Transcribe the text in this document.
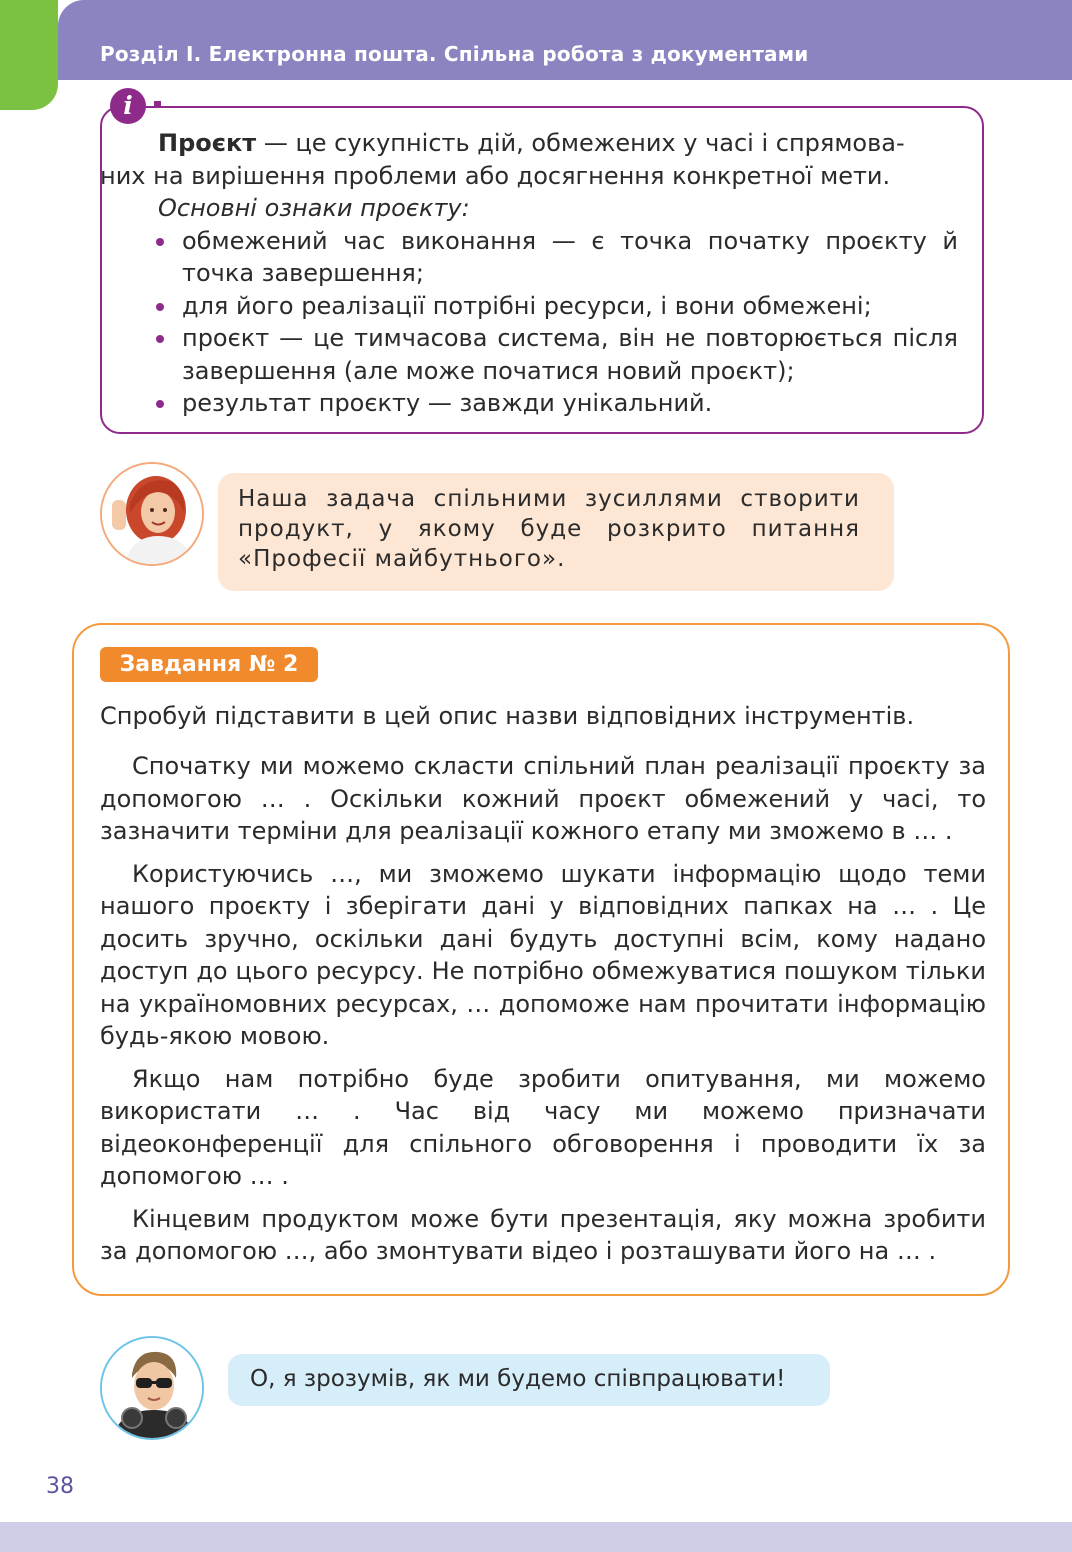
Розділ І. Електронна пошта. Спільна робота з документами
i

Проєкт — це сукупність дій, обмежених у часі і спрямова-

них на вирішення проблеми або досягнення конкретної мети.

Основні ознаки проєкту:

обмежений час виконання — є точка початку проєкту й точка завершення;
для його реалізації потрібні ресурси, і вони обмежені;
проєкт — це тимчасова система, він не повторюється після завершення (але може початися новий проєкт);
результат проєкту — завжди унікальний.
Наша задача спільними зусиллями створити продукт, у якому буде розкрито питання «Професії майбутнього».
Завдання № 2
Спробуй підставити в цей опис назви відповідних інструментів.

Спочатку ми можемо скласти спільний план реалізації проєкту за допомогою … . Оскільки кожний проєкт обмежений у часі, то зазначити терміни для реалізації кожного етапу ми зможемо в … .

Користуючись …, ми зможемо шукати інформацію щодо теми нашого проєкту і зберігати дані у відповідних папках на … . Це досить зручно, оскільки дані будуть доступні всім, кому надано доступ до цього ресурсу. Не потрібно обмежуватися пошуком тільки на україномовних ресурсах, … допоможе нам прочитати інформацію будь-якою мовою.

Якщо нам потрібно буде зробити опитування, ми можемо використати … . Час від часу ми можемо призначати відеоконференції для спільного обговорення і проводити їх за допомогою … .

Кінцевим продуктом може бути презентація, яку можна зробити за допомогою …, або змонтувати відео і розташувати його на … .

О, я зрозумів, як ми будемо співпрацювати!
38
